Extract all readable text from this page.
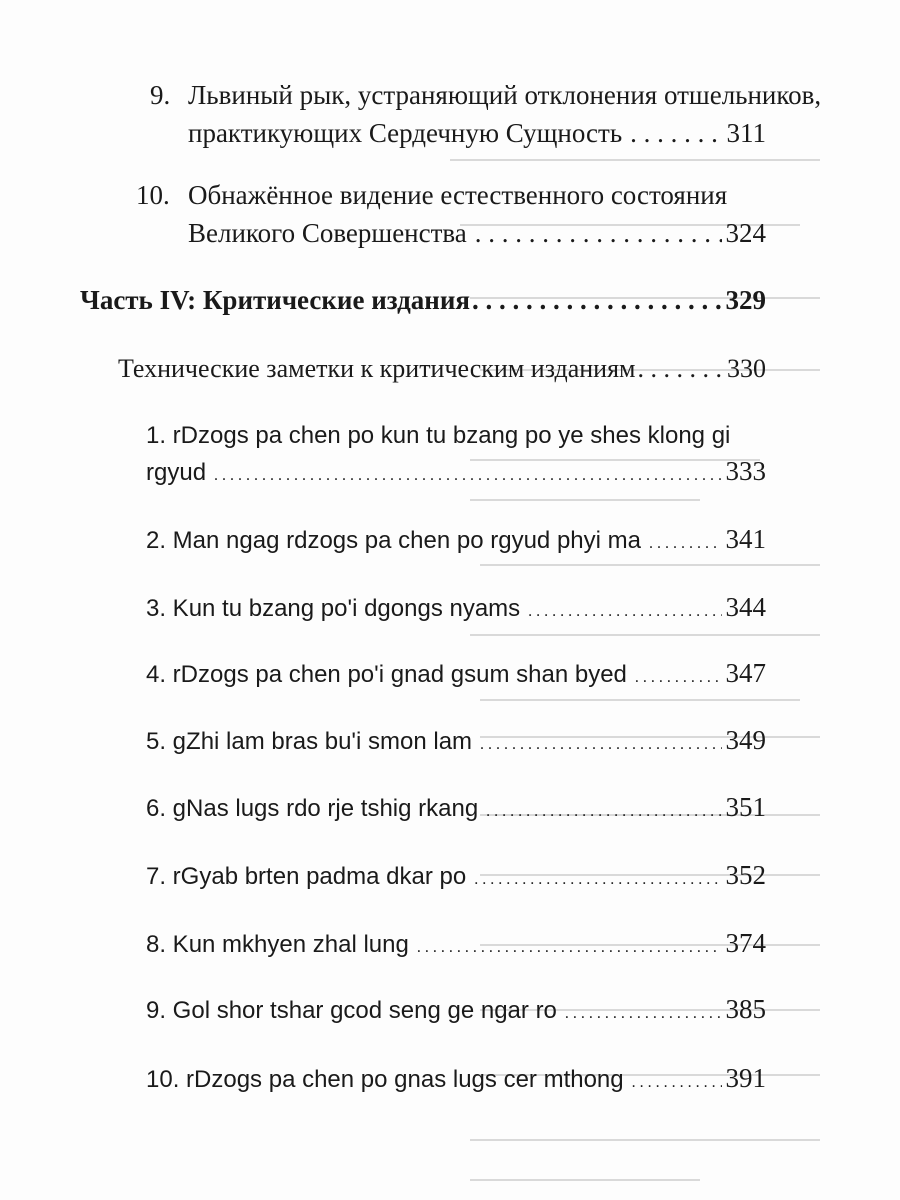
9. Львиный рык, устраняющий отклонения отшельников,
практикующих Сердечную Сущность . . .	311
10. Обнажённое видение естественного состояния
Великого Совершенства . . .	324
Часть IV: Критические издания . . .	329
Технические заметки к критическим изданиям . . .	330
1. rDzogs pa chen po kun tu bzang po ye shes klong gi
rgyud . . .	333
2. Man ngag rdzogs pa chen po rgyud phyi ma . . .	341
3. Kun tu bzang po'i dgongs nyams . . .	344
4. rDzogs pa chen po'i gnad gsum shan byed . . .	347
5. gZhi lam bras bu'i smon lam . . .	349
6. gNas lugs rdo rje tshig rkang . . .	351
7. rGyab brten padma dkar po . . .	352
8. Kun mkhyen zhal lung . . .	374
9. Gol shor tshar gcod seng ge ngar ro . . .	385
10. rDzogs pa chen po gnas lugs cer mthong . . .	391
